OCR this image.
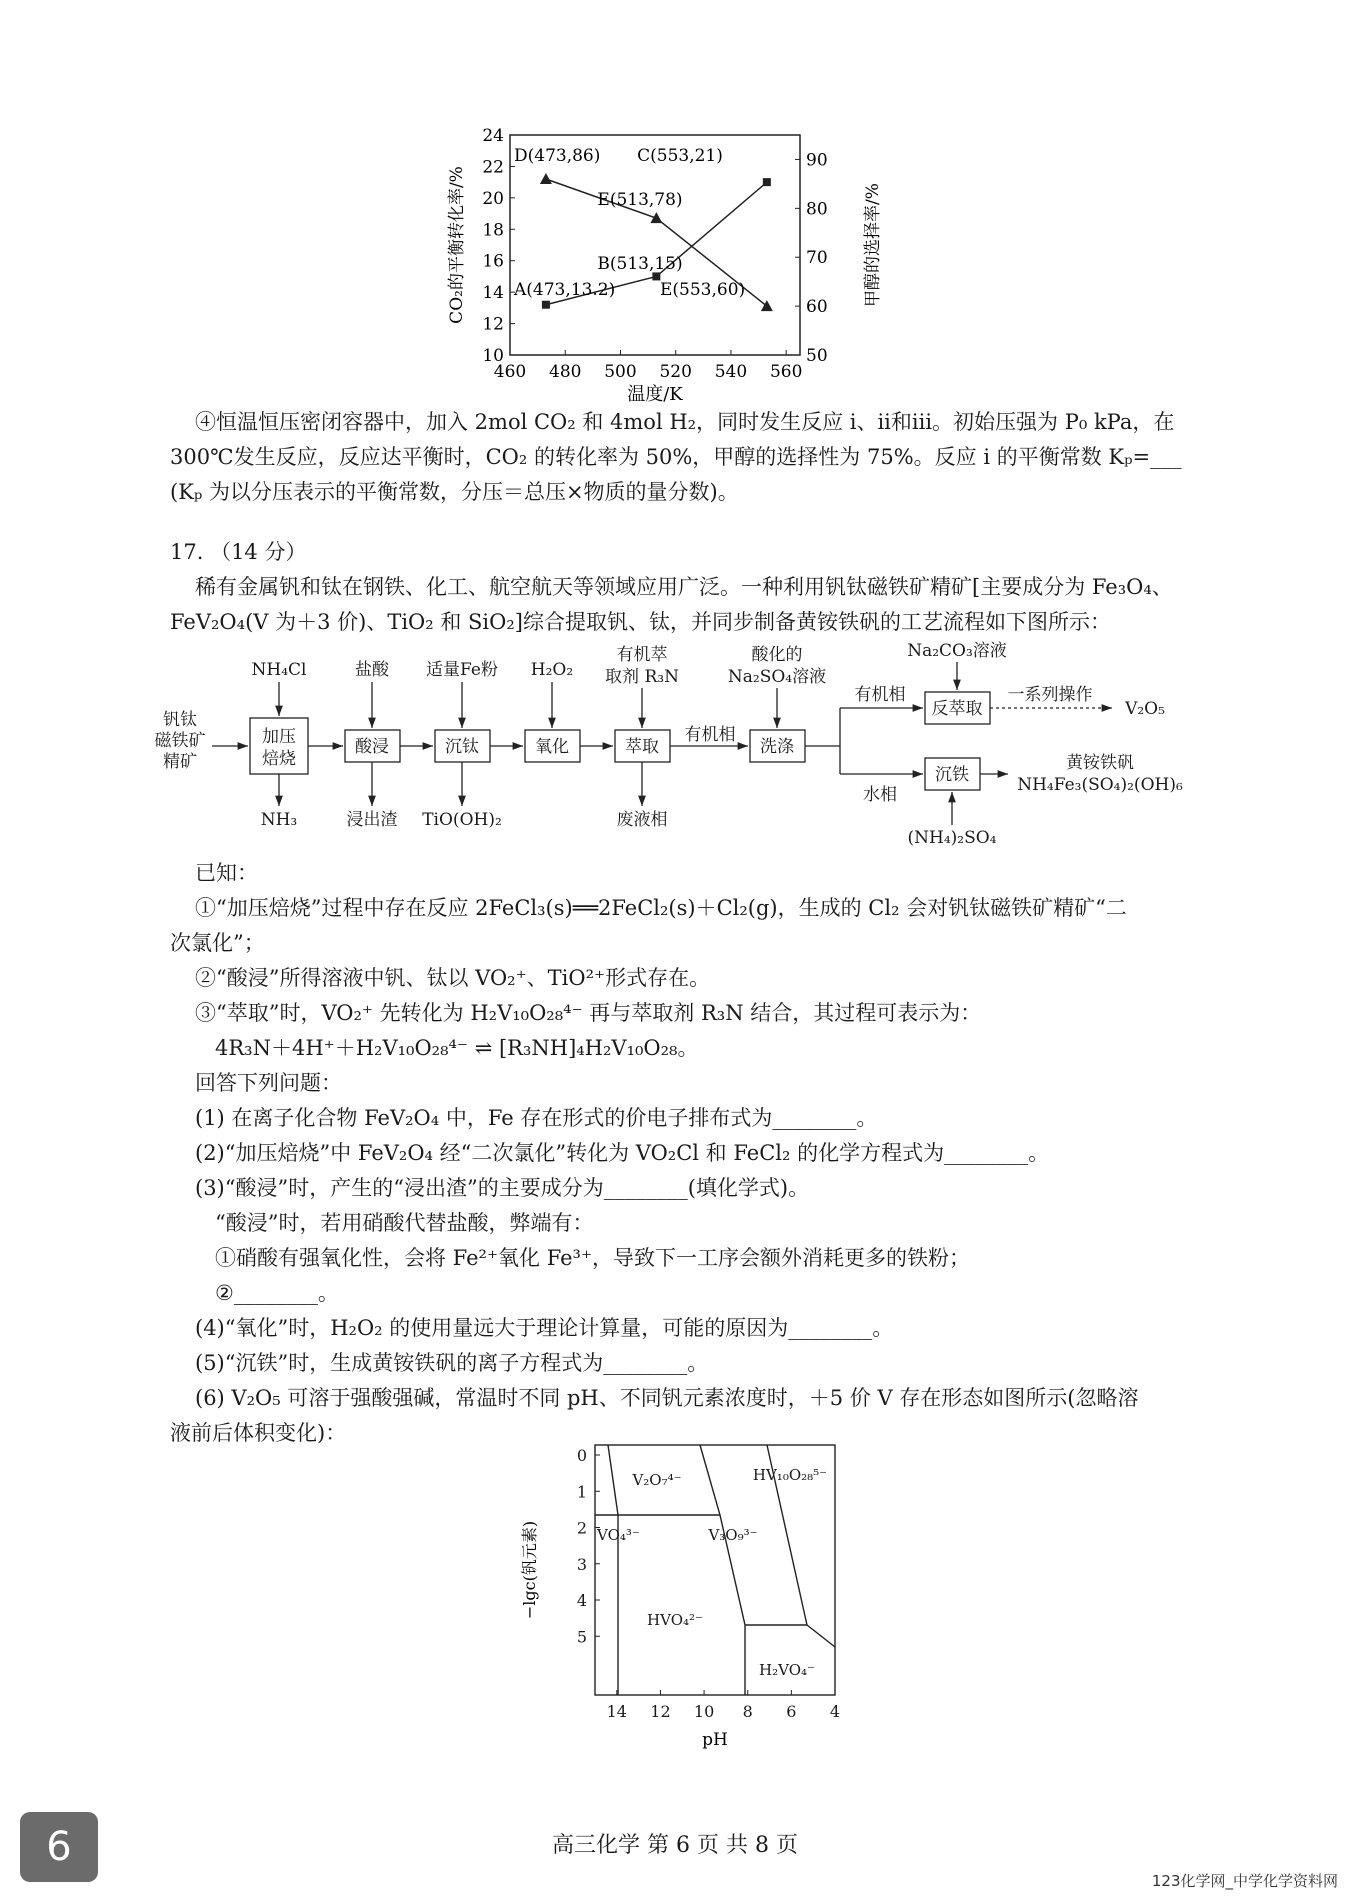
460 480 500 520 540 560
10
12
14
16
18
20
22
24
50
60
70
80
90
D(473,86)
E(513,78)
C(553,21)
B(513,15)
A(473,13.2)	E(553,60)
CO₂的平衡转化率/%	甲醇的选择率/%
温度/K
④恒温恒压密闭容器中，加入 2mol CO₂ 和 4mol H₂，同时发生反应 i、ii和iii。初始压强为 P₀ kPa，在
300℃发生反应，反应达平衡时，CO₂ 的转化率为 50%，甲醇的选择性为 75%。反应 i 的平衡常数 Kₚ=___
(Kₚ 为以分压表示的平衡常数，分压＝总压×物质的量分数)。
17. （14 分）
稀有金属钒和钛在钢铁、化工、航空航天等领域应用广泛。一种利用钒钛磁铁矿精矿[主要成分为 Fe₃O₄、
FeV₂O₄(V 为＋3 价)、TiO₂ 和 SiO₂]综合提取钒、钛，并同步制备黄铵铁矾的工艺流程如下图所示：
钒钛
磁铁矿
精矿
加压
焙烧
酸浸	沉钛	氧化	萃取	洗涤
反萃取
沉铁
NH₄Cl	盐酸 适量Fe粉 H₂O₂
有机萃
取剂 R₃N
酸化的
Na₂SO₄溶液
Na₂CO₃溶液
(NH₄)₂SO₄
NH₃	浸出渣 TiO(OH)₂	废液相
V₂O₅
黄铵铁矾
NH₄Fe₃(SO₄)₂(OH)₆
有机相
有机相
水相
一系列操作
已知：
①“加压焙烧”过程中存在反应 2FeCl₃(s)══2FeCl₂(s)＋Cl₂(g)，生成的 Cl₂ 会对钒钛磁铁矿精矿“二
次氯化”；
②“酸浸”所得溶液中钒、钛以 VO₂⁺、TiO²⁺形式存在。
③“萃取”时，VO₂⁺ 先转化为 H₂V₁₀O₂₈⁴⁻ 再与萃取剂 R₃N 结合，其过程可表示为：
4R₃N＋4H⁺＋H₂V₁₀O₂₈⁴⁻ ⇌ [R₃NH]₄H₂V₁₀O₂₈。
回答下列问题：
(1) 在离子化合物 FeV₂O₄ 中，Fe 存在形式的价电子排布式为________。
(2)“加压焙烧”中 FeV₂O₄ 经“二次氯化”转化为 VO₂Cl 和 FeCl₂ 的化学方程式为________。
(3)“酸浸”时，产生的“浸出渣”的主要成分为________(填化学式)。
“酸浸”时，若用硝酸代替盐酸，弊端有：
①硝酸有强氧化性，会将 Fe²⁺氧化 Fe³⁺，导致下一工序会额外消耗更多的铁粉；
②________。
(4)“氧化”时，H₂O₂ 的使用量远大于理论计算量，可能的原因为________。
(5)“沉铁”时，生成黄铵铁矾的离子方程式为________。
(6) V₂O₅ 可溶于强酸强碱，常温时不同 pH、不同钒元素浓度时，＋5 价 V 存在形态如图所示(忽略溶
液前后体积变化)：
14 12 10 8 6 4
0
1
2
3
4
5
V₂O₇⁴⁻	HV₁₀O₂₈⁵⁻
VO₄³⁻	V₃O₉³⁻
HVO₄²⁻
H₂VO₄⁻
−lgc(钒元素)
pH
6	高三化学 第 6 页 共 8 页
123化学网_中学化学资料网
